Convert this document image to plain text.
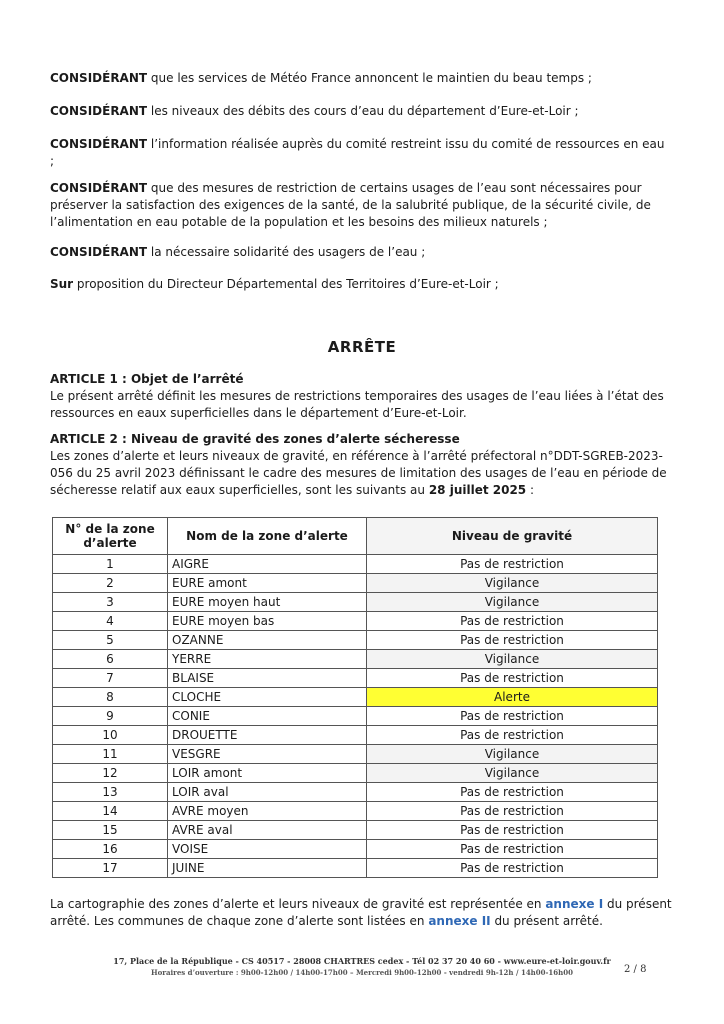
CONSIDÉRANT que les services de Météo France annoncent le maintien du beau temps ;

CONSIDÉRANT les niveaux des débits des cours d’eau du département d’Eure-et-Loir ;

CONSIDÉRANT l’information réalisée auprès du comité restreint issu du comité de ressources en eau ;

CONSIDÉRANT que des mesures de restriction de certains usages de l’eau sont nécessaires pour préserver la satisfaction des exigences de la santé, de la salubrité publique, de la sécurité civile, de l’alimentation en eau potable de la population et les besoins des milieux naturels ;

CONSIDÉRANT la nécessaire solidarité des usagers de l’eau ;

Sur proposition du Directeur Départemental des Territoires d’Eure-et-Loir ;

ARRÊTE
ARTICLE 1 : Objet de l’arrêté
Le présent arrêté définit les mesures de restrictions temporaires des usages de l’eau liées à l’état des ressources en eaux superficielles dans le département d’Eure-et-Loir.
ARTICLE 2 : Niveau de gravité des zones d’alerte sécheresse
Les zones d’alerte et leurs niveaux de gravité, en référence à l’arrêté préfectoral n°DDT-SGREB-2023-056 du 25 avril 2023 définissant le cadre des mesures de limitation des usages de l’eau en période de sécheresse relatif aux eaux superficielles, sont les suivants au 28 juillet 2025 :
N° de la zone d’alerte	Nom de la zone d’alerte	Niveau de gravité
1	AIGRE	Pas de restriction
2	EURE amont	Vigilance
3	EURE moyen haut	Vigilance
4	EURE moyen bas	Pas de restriction
5	OZANNE	Pas de restriction
6	YERRE	Vigilance
7	BLAISE	Pas de restriction
8	CLOCHE	Alerte
9	CONIE	Pas de restriction
10	DROUETTE	Pas de restriction
11	VESGRE	Vigilance
12	LOIR amont	Vigilance
13	LOIR aval	Pas de restriction
14	AVRE moyen	Pas de restriction
15	AVRE aval	Pas de restriction
16	VOISE	Pas de restriction
17	JUINE	Pas de restriction

La cartographie des zones d’alerte et leurs niveaux de gravité est représentée en annexe I du présent arrêté. Les communes de chaque zone d’alerte sont listées en annexe II du présent arrêté.

17, Place de la République - CS 40517 - 28008 CHARTRES cedex - Tél 02 37 20 40 60 - www.eure-et-loir.gouv.fr
Horaires d’ouverture : 9h00-12h00 / 14h00-17h00 – Mercredi 9h00-12h00 - vendredi 9h-12h / 14h00-16h00	2 / 8
